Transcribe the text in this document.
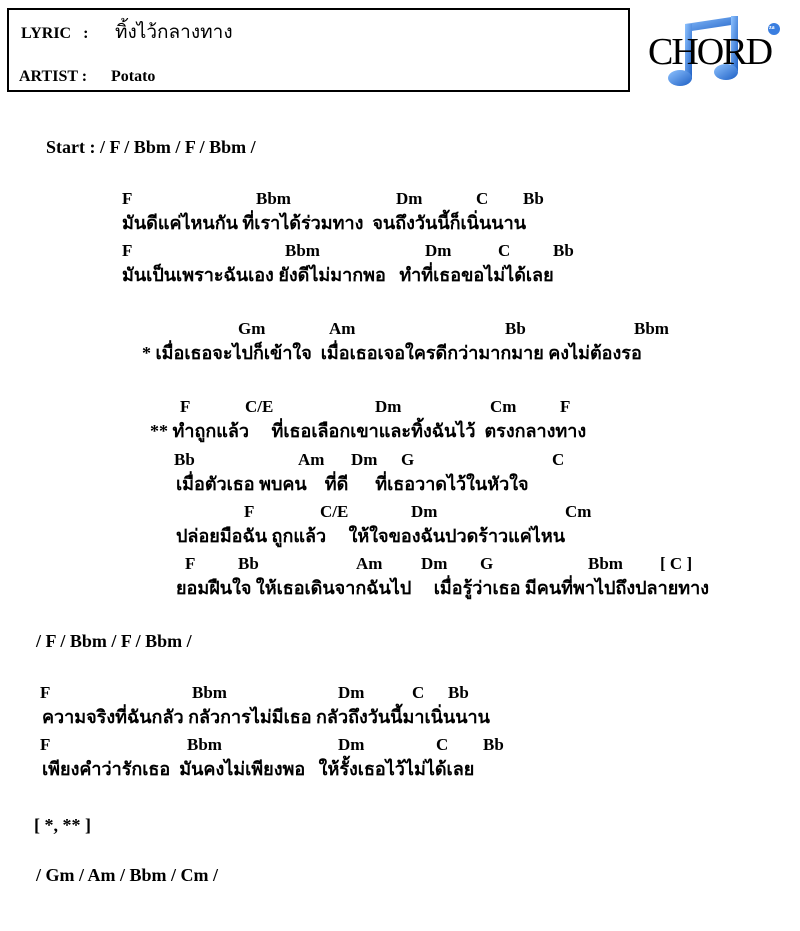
LYRIC   : ทิ้งไว้กลางทาง
ARTIST : Potato
CHORD
za
Start : / F / Bbm / F / Bbm /
F	Bbm	Dm	C Bb
มันดีแค่ไหนกัน ที่เราได้ร่วมทาง  จนถึงวันนี้ก็เนิ่นนาน
F	Bbm	Dm	C	Bb
มันเป็นเพราะฉันเอง ยังดีไม่มากพอ   ทำที่เธอขอไม่ได้เลย
Gm	Am	Bb	Bbm
* เมื่อเธอจะไปก็เข้าใจ  เมื่อเธอเจอใครดีกว่ามากมาย คงไม่ต้องรอ
F	C/E	Dm	Cm	F
** ทำถูกแล้ว     ที่เธอเลือกเขาและทิ้งฉันไว้  ตรงกลางทาง
Bb	Am Dm G	C
เมื่อตัวเธอ พบคน    ที่ดี      ที่เธอวาดไว้ในหัวใจ
F	C/E	Dm	Cm
ปล่อยมือฉัน ถูกแล้ว     ให้ใจของฉันปวดร้าวแค่ไหน
F	Bb	Am Dm G	Bbm [ C ]
ยอมฝืนใจ ให้เธอเดินจากฉันไป     เมื่อรู้ว่าเธอ มีคนที่พาไปถึงปลายทาง
/ F / Bbm / F / Bbm /
F	Bbm	Dm	C Bb
ความจริงที่ฉันกลัว กลัวการไม่มีเธอ กลัวถึงวันนี้มาเนิ่นนาน
F	Bbm	Dm	C Bb
เพียงคำว่ารักเธอ  มันคงไม่เพียงพอ   ให้รั้งเธอไว้ไม่ได้เลย
[ *, ** ]
/ Gm / Am / Bbm / Cm /
